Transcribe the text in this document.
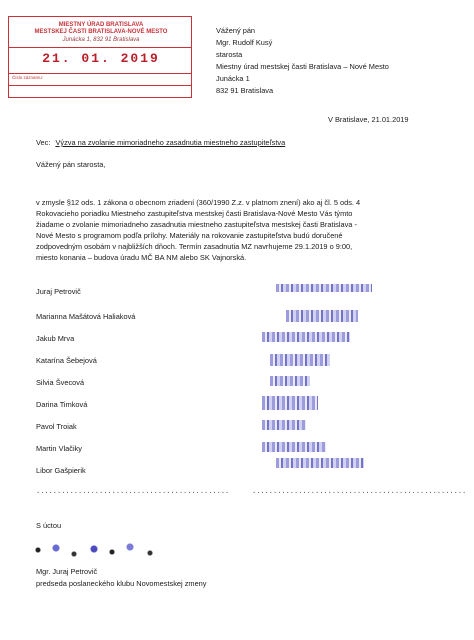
MIESTNY ÚRAD BRATISLAVA
MESTSKEJ ČASTI BRATISLAVA-NOVÉ MESTO
Junácka 1, 832 91 Bratislava
21. 01. 2019
Číslo záznamu:
Vážený pán
Mgr. Rudolf Kusý
starosta
Miestny úrad mestskej časti Bratislava – Nové Mesto
Junácka 1
832 91 Bratislava
V Bratislave, 21.01.2019
Vec: Výzva na zvolanie mimoriadneho zasadnutia miestneho zastupiteľstva
Vážený pán starosta,
v zmysle §12 ods. 1 zákona o obecnom zriadení (360/1990 Z.z. v platnom znení) ako aj čl. 5 ods. 4
Rokovacieho poriadku Miestneho zastupiteľstva mestskej časti Bratislava-Nové Mesto Vás týmto
žiadame o zvolanie mimoriadneho zasadnutia miestneho zastupiteľstva mestskej časti Bratislava -
Nové Mesto s programom podľa prílohy. Materiály na rokovanie zastupiteľstva budú doručené
zodpovedným osobám v najbližších dňoch. Termín zasadnutia MZ navrhujeme 29.1.2019 o 9:00,
miesto konania – budova úradu MČ BA NM alebo SK Vajnorská.
Juraj Petrovič
Marianna Mašátová Haliaková
Jakub Mrva
Katarína Šebejová
Silvia Švecová
Darina Timková
Pavol Troiak
Martin Vlačiky
Libor Gašpierik
..............................................	...................................................
S úctou
Mgr. Juraj Petrovič
predseda poslaneckého klubu Novomestskej zmeny
